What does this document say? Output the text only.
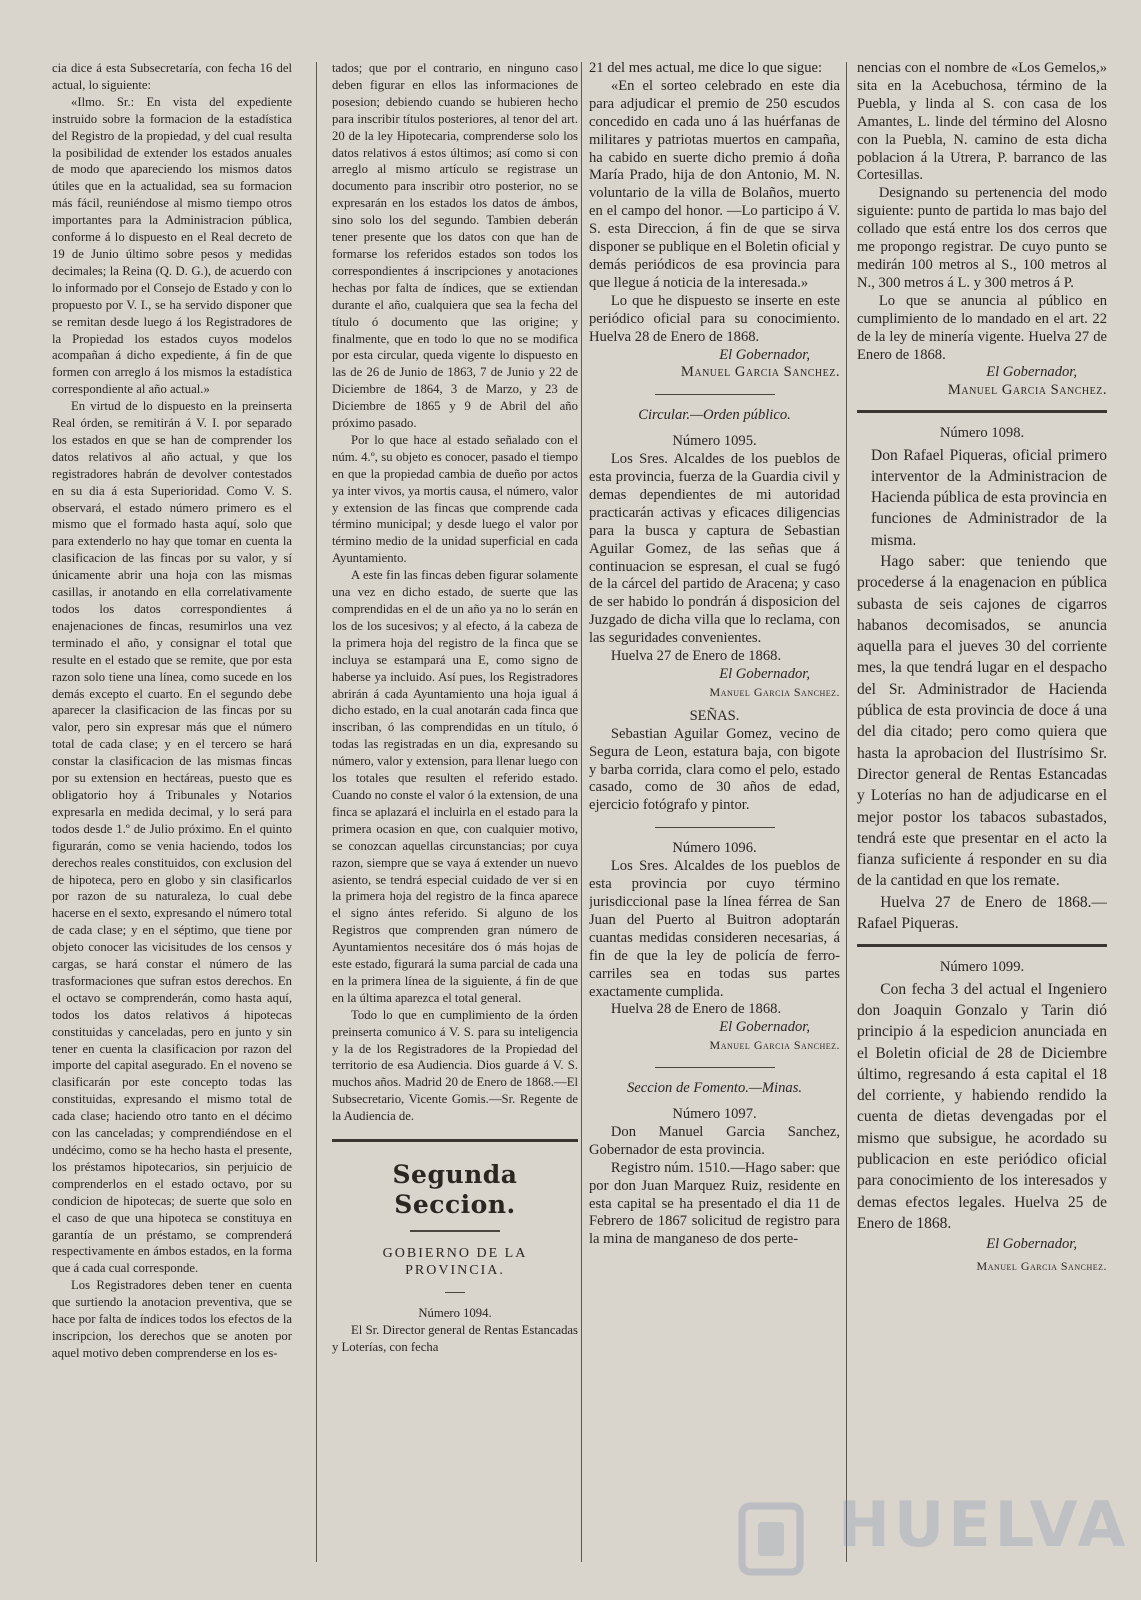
cia dice á esta Subsecretaría, con fecha 16 del actual, lo siguiente:

«Ilmo. Sr.: En vista del expediente instruido sobre la formacion de la estadística del Registro de la propiedad, y del cual resulta la posibilidad de extender los estados anuales de modo que apareciendo los mismos datos útiles que en la actualidad, sea su formacion más fácil, reuniéndose al mismo tiempo otros importantes para la Administracion pública, conforme á lo dispuesto en el Real decreto de 19 de Junio último sobre pesos y medidas decimales; la Reina (Q. D. G.), de acuerdo con lo informado por el Consejo de Estado y con lo propuesto por V. I., se ha servido disponer que se remitan desde luego á los Registradores de la Propiedad los estados cuyos modelos acompañan á dicho expediente, á fin de que formen con arreglo á los mismos la estadística correspondiente al año actual.»

En virtud de lo dispuesto en la preinserta Real órden, se remitirán á V. I. por separado los estados en que se han de comprender los datos relativos al año actual, y que los registradores habrán de devolver contestados en su dia á esta Superioridad. Como V. S. observará, el estado número primero es el mismo que el formado hasta aquí, solo que para extenderlo no hay que tomar en cuenta la clasificacion de las fincas por su valor, y sí únicamente abrir una hoja con las mismas casillas, ir anotando en ella correlativamente todos los datos correspondientes á enajenaciones de fincas, resumirlos una vez terminado el año, y consignar el total que resulte en el estado que se remite, que por esta razon solo tiene una línea, como sucede en los demás excepto el cuarto. En el segundo debe aparecer la clasificacion de las fincas por su valor, pero sin expresar más que el número total de cada clase; y en el tercero se hará constar la clasificacion de las mismas fincas por su extension en hectáreas, puesto que es obligatorio hoy á Tribunales y Notarios expresarla en medida decimal, y lo será para todos desde 1.º de Julio próximo. En el quinto figurarán, como se venia haciendo, todos los derechos reales constituidos, con exclusion del de hipoteca, pero en globo y sin clasificarlos por razon de su naturaleza, lo cual debe hacerse en el sexto, expresando el número total de cada clase; y en el séptimo, que tiene por objeto conocer las vicisitudes de los censos y cargas, se hará constar el número de las trasformaciones que sufran estos derechos. En el octavo se comprenderán, como hasta aquí, todos los datos relativos á hipotecas constituidas y canceladas, pero en junto y sin tener en cuenta la clasificacion por razon del importe del capital asegurado. En el noveno se clasificarán por este concepto todas las constituidas, expresando el mismo total de cada clase; haciendo otro tanto en el décimo con las canceladas; y comprendiéndose en el undécimo, como se ha hecho hasta el presente, los préstamos hipotecarios, sin perjuicio de comprenderlos en el estado octavo, por su condicion de hipotecas; de suerte que solo en el caso de que una hipoteca se constituya en garantía de un préstamo, se comprenderá respectivamente en ámbos estados, en la forma que á cada cual corresponde.

Los Registradores deben tener en cuenta que surtiendo la anotacion preventiva, que se hace por falta de índices todos los efectos de la inscripcion, los derechos que se anoten por aquel motivo deben comprenderse en los es-

tados; que por el contrario, en ninguno caso deben figurar en ellos las informaciones de posesion; debiendo cuando se hubieren hecho para inscribir títulos posteriores, al tenor del art. 20 de la ley Hipotecaria, comprenderse solo los datos relativos á estos últimos; así como si con arreglo al mismo artículo se registrase un documento para inscribir otro posterior, no se expresarán en los estados los datos de ámbos, sino solo los del segundo. Tambien deberán tener presente que los datos con que han de formarse los referidos estados son todos los correspondientes á inscripciones y anotaciones hechas por falta de índices, que se extiendan durante el año, cualquiera que sea la fecha del título ó documento que las origine; y finalmente, que en todo lo que no se modifica por esta circular, queda vigente lo dispuesto en las de 26 de Junio de 1863, 7 de Junio y 22 de Diciembre de 1864, 3 de Marzo, y 23 de Diciembre de 1865 y 9 de Abril del año próximo pasado.

Por lo que hace al estado señalado con el núm. 4.º, su objeto es conocer, pasado el tiempo en que la propiedad cambia de dueño por actos ya inter vivos, ya mortis causa, el número, valor y extension de las fincas que comprende cada término municipal; y desde luego el valor por término medio de la unidad superficial en cada Ayuntamiento.

A este fin las fincas deben figurar solamente una vez en dicho estado, de suerte que las comprendidas en el de un año ya no lo serán en los de los sucesivos; y al efecto, á la cabeza de la primera hoja del registro de la finca que se incluya se estampará una E, como signo de haberse ya incluido. Así pues, los Registradores abrirán á cada Ayuntamiento una hoja igual á dicho estado, en la cual anotarán cada finca que inscriban, ó las comprendidas en un título, ó todas las registradas en un dia, expresando su número, valor y extension, para llenar luego con los totales que resulten el referido estado. Cuando no conste el valor ó la extension, de una finca se aplazará el incluirla en el estado para la primera ocasion en que, con cualquier motivo, se conozcan aquellas circunstancias; por cuya razon, siempre que se vaya á extender un nuevo asiento, se tendrá especial cuidado de ver si en la primera hoja del registro de la finca aparece el signo ántes referido. Si alguno de los Registros que comprenden gran número de Ayuntamientos necesitáre dos ó más hojas de este estado, figurará la suma parcial de cada una en la primera línea de la siguiente, á fin de que en la última aparezca el total general.

Todo lo que en cumplimiento de la órden preinserta comunico á V. S. para su inteligencia y la de los Registradores de la Propiedad del territorio de esa Audiencia. Dios guarde á V. S. muchos años. Madrid 20 de Enero de 1868.—El Subsecretario, Vicente Gomis.—Sr. Regente de la Audiencia de.

Segunda Seccion.

GOBIERNO DE LA PROVINCIA.

Número 1094.

El Sr. Director general de Rentas Estancadas y Loterías, con fecha

21 del mes actual, me dice lo que sigue:

«En el sorteo celebrado en este dia para adjudicar el premio de 250 escudos concedido en cada uno á las huérfanas de militares y patriotas muertos en campaña, ha cabido en suerte dicho premio á doña María Prado, hija de don Antonio, M. N. voluntario de la villa de Bolaños, muerto en el campo del honor. —Lo participo á V. S. esta Direccion, á fin de que se sirva disponer se publique en el Boletin oficial y demás periódicos de esa provincia para que llegue á noticia de la interesada.»

Lo que he dispuesto se inserte en este periódico oficial para su conocimiento. Huelva 28 de Enero de 1868.

El Gobernador,

Manuel Garcia Sanchez.

Circular.—Orden público.

Número 1095.

Los Sres. Alcaldes de los pueblos de esta provincia, fuerza de la Guardia civil y demas dependientes de mi autoridad practicarán activas y eficaces diligencias para la busca y captura de Sebastian Aguilar Gomez, de las señas que á continuacion se espresan, el cual se fugó de la cárcel del partido de Aracena; y caso de ser habido lo pondrán á disposicion del Juzgado de dicha villa que lo reclama, con las seguridades convenientes.

Huelva 27 de Enero de 1868.

El Gobernador,

Manuel Garcia Sanchez.

SEÑAS.

Sebastian Aguilar Gomez, vecino de Segura de Leon, estatura baja, con bigote y barba corrida, clara como el pelo, estado casado, como de 30 años de edad, ejercicio fotógrafo y pintor.

Número 1096.

Los Sres. Alcaldes de los pueblos de esta provincia por cuyo término jurisdiccional pase la línea férrea de San Juan del Puerto al Buitron adoptarán cuantas medidas consideren necesarias, á fin de que la ley de policía de ferro-carriles sea en todas sus partes exactamente cumplida.

Huelva 28 de Enero de 1868.

El Gobernador,

Manuel Garcia Sanchez.

Seccion de Fomento.—Minas.

Número 1097.

Don Manuel Garcia Sanchez, Gobernador de esta provincia.

Registro núm. 1510.—Hago saber: que por don Juan Marquez Ruiz, residente en esta capital se ha presentado el dia 11 de Febrero de 1867 solicitud de registro para la mina de manganeso de dos perte-

nencias con el nombre de «Los Gemelos,» sita en la Acebuchosa, término de la Puebla, y linda al S. con casa de los Amantes, L. linde del término del Alosno con la Puebla, N. camino de esta dicha poblacion á la Utrera, P. barranco de las Cortesillas.

Designando su pertenencia del modo siguiente: punto de partida lo mas bajo del collado que está entre los dos cerros que me propongo registrar. De cuyo punto se medirán 100 metros al S., 100 metros al N., 300 metros á L. y 300 metros á P.

Lo que se anuncia al público en cumplimiento de lo mandado en el art. 22 de la ley de minería vigente. Huelva 27 de Enero de 1868.

El Gobernador,

Manuel Garcia Sanchez.

Número 1098.

Don Rafael Piqueras, oficial primero interventor de la Administracion de Hacienda pública de esta provincia en funciones de Administrador de la misma.

Hago saber: que teniendo que procederse á la enagenacion en pública subasta de seis cajones de cigarros habanos decomisados, se anuncia aquella para el jueves 30 del corriente mes, la que tendrá lugar en el despacho del Sr. Administrador de Hacienda pública de esta provincia de doce á una del dia citado; pero como quiera que hasta la aprobacion del Ilustrísimo Sr. Director general de Rentas Estancadas y Loterías no han de adjudicarse en el mejor postor los tabacos subastados, tendrá este que presentar en el acto la fianza suficiente á responder en su dia de la cantidad en que los remate.

Huelva 27 de Enero de 1868.—Rafael Piqueras.

Número 1099.

Con fecha 3 del actual el Ingeniero don Joaquin Gonzalo y Tarin dió principio á la espedicion anunciada en el Boletin oficial de 28 de Diciembre último, regresando á esta capital el 18 del corriente, y habiendo rendido la cuenta de dietas devengadas por el mismo que subsigue, he acordado su publicacion en este periódico oficial para conocimiento de los interesados y demas efectos legales. Huelva 25 de Enero de 1868.

El Gobernador,

Manuel Garcia Sanchez.

HUELVA
